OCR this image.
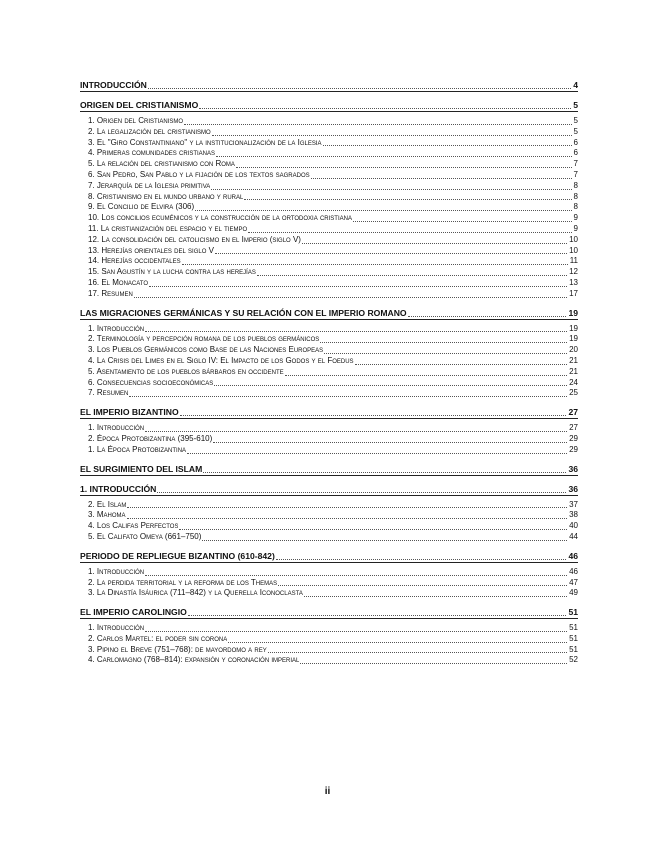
INTRODUCCIÓN	4
ORIGEN DEL CRISTIANISMO	5
1. Origen del Cristianismo	5
2. La legalización del cristianismo	5
3. El "Giro Constantiniano" y la institucionalización de la Iglesia	6
4. Primeras comunidades cristianas	6
5. La relación del cristianismo con Roma	7
6. San Pedro, San Pablo y la fijación de los textos sagrados	7
7. Jerarquía de la Iglesia primitiva	8
8. Cristianismo en el mundo urbano y rural	8
9. El Concilio de Elvira (306)	8
10. Los concilios ecuménicos y la construcción de la ortodoxia cristiana	9
11. La cristianización del espacio y el tiempo	9
12. La consolidación del catolicismo en el Imperio (siglo V)	10
13. Herejías orientales del siglo V	10
14. Herejías occidentales	11
15. San Agustín y la lucha contra las herejías	12
16. El Monacato	13
17. Resumen	17
LAS MIGRACIONES GERMÁNICAS Y SU RELACIÓN CON EL IMPERIO ROMANO	19
1. Introducción	19
2. Terminología y percepción romana de los pueblos germánicos	19
3. Los Pueblos Germánicos como Base de las Naciones Europeas	20
4. La Crisis del Limes en el Siglo IV: El Impacto de los Godos y el Foedus	21
5. Asentamiento de los pueblos bárbaros en occidente	21
6. Consecuencias socioeconómicas	24
7. Resumen	25
EL IMPERIO BIZANTINO	27
1. Introducción	27
2. Época Protobizantina (395-610)	29
1. La Época Protobizantina	29
EL SURGIMIENTO DEL ISLAM	36
1. INTRODUCCIÓN	36
2. El Islam	37
3. Mahoma	38
4. Los Califas Perfectos	40
5. El Califato Omeya (661–750)	44
PERIODO DE REPLIEGUE BIZANTINO (610-842)	46
1. Introducción	46
2. La perdida territorial y la reforma de los Themas	47
3. La Dinastía Isáurica (711–842) y la Querella Iconoclasta	49
EL IMPERIO CAROLINGIO	51
1. Introducción	51
2. Carlos Martel: el poder sin corona	51
3. Pipino el Breve (751–768): de mayordomo a rey	51
4. Carlomagno (768–814): expansión y coronación imperial	52
ii
